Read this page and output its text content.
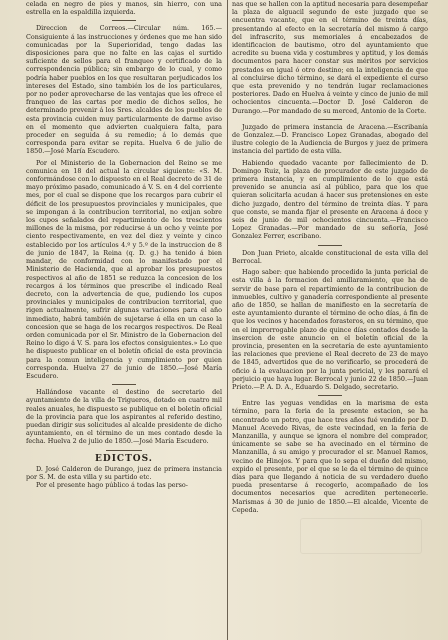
celada en negro de pies y manos, sin hierro, con una estrella en la espaldilla izquierda.

Direccion de Correos.—Circular núm. 165.—Consiguiente á las instrucciones y órdenes que me han sido comunicadas por la Superioridad, tengo dadas las disposiciones para que no falte en las cajas el surtido suficiente de sellos para el franqueo y certificado de la correspondencia pública; sin embargo de lo cual, y como podría haber pueblos en los que resultaran perjudicados los intereses del Estado, sino también los de los particulares, por no poder aprovecharse de las ventajas que les ofrece el franqueo de las cartas por medio de dichos sellos, he determinado prevenir á los Sres. alcaldes de los pueblos de esta provincia cuiden muy particularmente de darme aviso en el momento que advierten cualquiera falta, para proceder en seguida á su remedio; á lo demás que corresponda para evitar se repita. Huelva 6 de julio de 1850.—José María Escudero.

Por el Ministerio de la Gobernacion del Reino se me comunica en 18 del actual la circular siguiente: «S. M. conformándose con lo dispuesto en el Real decreto de 31 de mayo próximo pasado, comunicado á V. S. en 4 del corriente mes, por el cual se dispone que los recargos para cubrir el déficit de los presupuestos provinciales y municipales, que se impongan á la contribucion territorial, no exijan sobre los cupos señalados del repartimiento de los trescientos millones de la misma, por reducirse á un ocho y veinte por ciento respectivamente, en vez del diez y veinte y cinco establecido por los artículos 4.º y 5.º de la instruccion de 8 de junio de 1847, la Reina (q. D. g.) ha tenido á bien mandar, de conformidad con lo manifestado por el Ministerio de Hacienda, que al aprobar los presupuestos respectivos al año de 1851 se reduzca la concesion de los recargos á los términos que prescribe el indicado Real decreto, con la advertencia de que, pudiendo los cupos provinciales y municipales de contribucion territorial, que rigen actualmente, sufrir algunas variaciones para el año inmediato, habrá también de sujetarse á ella en un caso la concesion que se haga de los recargos respectivos. De Real orden comunicada por el Sr. Ministro de la Gobernacion del Reino lo digo á V. S. para los efectos consiguientes.» Lo que he dispuesto publicar en el boletín oficial de esta provincia para la comun inteligencia y cumplimiento por quien corresponda. Huelva 27 de junio de 1850.—José María Escudero.

Hallándose vacante el destino de secretario del ayuntamiento de la villa de Trigueros, dotado en cuatro mil reales anuales, he dispuesto se publique en el boletín oficial de la provincia para que los aspirantes al referido destino, puedan dirigir sus solicitudes al alcalde presidente de dicho ayuntamiento, en el término de un mes contado desde la fecha. Huelva 2 de julio de 1850.—José María Escudero.

EDICTOS.

D. José Calderon de Durango, juez de primera instancia por S. M. de esta villa y su partido etc.

Por el presente hago público á todas las perso-

nas que se hallen con la aptitud necesaria para desempeñar la plaza de alguacil segundo de este juzgado que se encuentra vacante, que en el término de treinta días, presentando al efecto en la secretaría del mismo á cargo del infrascrito, sus memoriales á encabezados de identificacion de bautismo, otro del ayuntamiento que acredite su buena vida y costumbres y aptitud, y los demás documentos para hacer constar sus méritos por servicios prestados en igual ó otro destino; en la inteligencia de que al concluirse dicho término, se dará el expediente el curso que esta prevenido y no tendrán lugar reclamaciones posteriores. Dado en Huelva á veinte y cinco de junio de mil ochocientos cincuenta.—Doctor D. José Calderon de Durango.—Por mandado de su merced, Antonio de la Corte.

Juzgado de primera instancia de Aracena.—Escribanía de Gonzalez.—D. Francisco Lopez Granadas, abogado del ilustre colegio de la Audiencia de Burgos y juez de primera instancia del partido de esta villa.

Habiendo quedado vacante por fallecimiento de D. Domingo Ruiz, la plaza de procurador de este juzgado de primera instancia, y en cumplimiento de lo que está prevenido se anuncia así al público, para que los que quieran solicitarla acudan á hacer sus pretensiones en este dicho juzgado, dentro del término de treinta días. Y para que conste, se manda fijar el presente en Aracena á doce y seis de junio de mil ochocientos cincuenta.—Francisco Lopez Granadas.—Por mandado de su señoría, José Gonzalez Ferrer, escribano.

Don Juan Prieto, alcalde constitucional de esta villa del Berrocal.

Hago saber: que habiendo procedido la junta pericial de esta villa á la formacion del amillaramiento, que ha de servir de base para el repartimiento de la contribucion de inmuebles, cultivo y ganadería correspondiente al presente año de 1850, se hallan de manifiesto en la secretaría de este ayuntamiento durante el término de ocho días, á fin de que los vecinos y hacendados forasteros, en su término, que en el improrrogable plazo de quince días contados desde la insercion de este anuncio en el boletín oficial de la provincia, presenten en la secretaría de este ayuntamiento las relaciones que previene el Real decreto de 23 de mayo de 1845, advertidos que de no verificarlo, se procederá de oficio á la evaluacion por la junta pericial, y les parará el perjuicio que haya lugar. Berrocal y junio 22 de 1850.—Juan Prieto.—P. A. D. A., Eduardo S. Delgado, secretario.

Entre las yeguas vendidas en la marisma de esta término, para la feria de la presente estacion, se ha encontrado un potro, que hace tres años fué vendido por D. Manuel Acevedo Rivas, de este vecindad, en la feria de Manzanilla, y aunque se ignora el nombre del comprador, únicamente se sabe se ha avecinado en el término de Manzanilla, á su amigo y procurador el sr. Manuel Ramos, vecino de Hinojos. Y para que lo sepa el dueño del mismo, expido el presente, por el que se le da el término de quince días para que llegando á noticia de su verdadero dueño pueda presentarse á recogerlo, acompañado de los documentos necesarios que acrediten pertenecerle. Marismas á 30 de junio de 1850.—El alcalde, Vicente de Cepeda.
